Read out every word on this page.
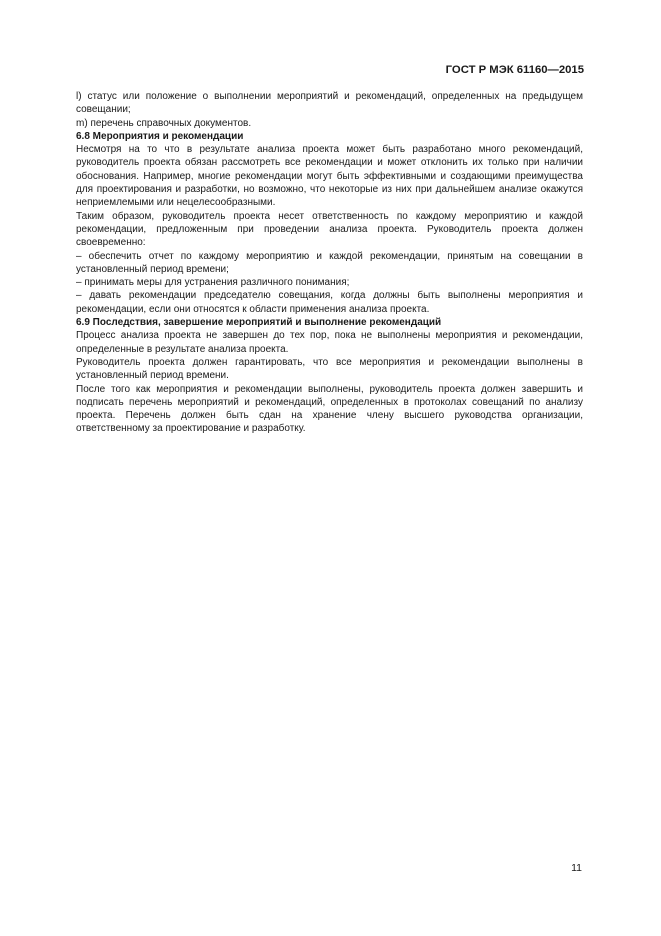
ГОСТ Р МЭК 61160—2015

l) статус или положение о выполнении мероприятий и рекомендаций, определенных на предыдущем совещании;

m) перечень справочных документов.

6.8 Мероприятия и рекомендации

Несмотря на то что в результате анализа проекта может быть разработано много рекомендаций, руководитель проекта обязан рассмотреть все рекомендации и может отклонить их только при наличии обоснования. Например, многие рекомендации могут быть эффективными и создающими преимущества для проектирования и разработки, но возможно, что некоторые из них при дальнейшем анализе окажутся неприемлемыми или нецелесообразными.

Таким образом, руководитель проекта несет ответственность по каждому мероприятию и каждой рекомендации, предложенным при проведении анализа проекта. Руководитель проекта должен своевременно:

– обеспечить отчет по каждому мероприятию и каждой рекомендации, принятым на совещании в установленный период времени;

– принимать меры для устранения различного понимания;

– давать рекомендации председателю совещания, когда должны быть выполнены мероприятия и рекомендации, если они относятся к области применения анализа проекта.

6.9 Последствия, завершение мероприятий и выполнение рекомендаций

Процесс анализа проекта не завершен до тех пор, пока не выполнены мероприятия и рекомендации, определенные в результате анализа проекта.

Руководитель проекта должен гарантировать, что все мероприятия и рекомендации выполнены в установленный период времени.

После того как мероприятия и рекомендации выполнены, руководитель проекта должен завершить и подписать перечень мероприятий и рекомендаций, определенных в протоколах совещаний по анализу проекта. Перечень должен быть сдан на хранение члену высшего руководства организации, ответственному за проектирование и разработку.

11
